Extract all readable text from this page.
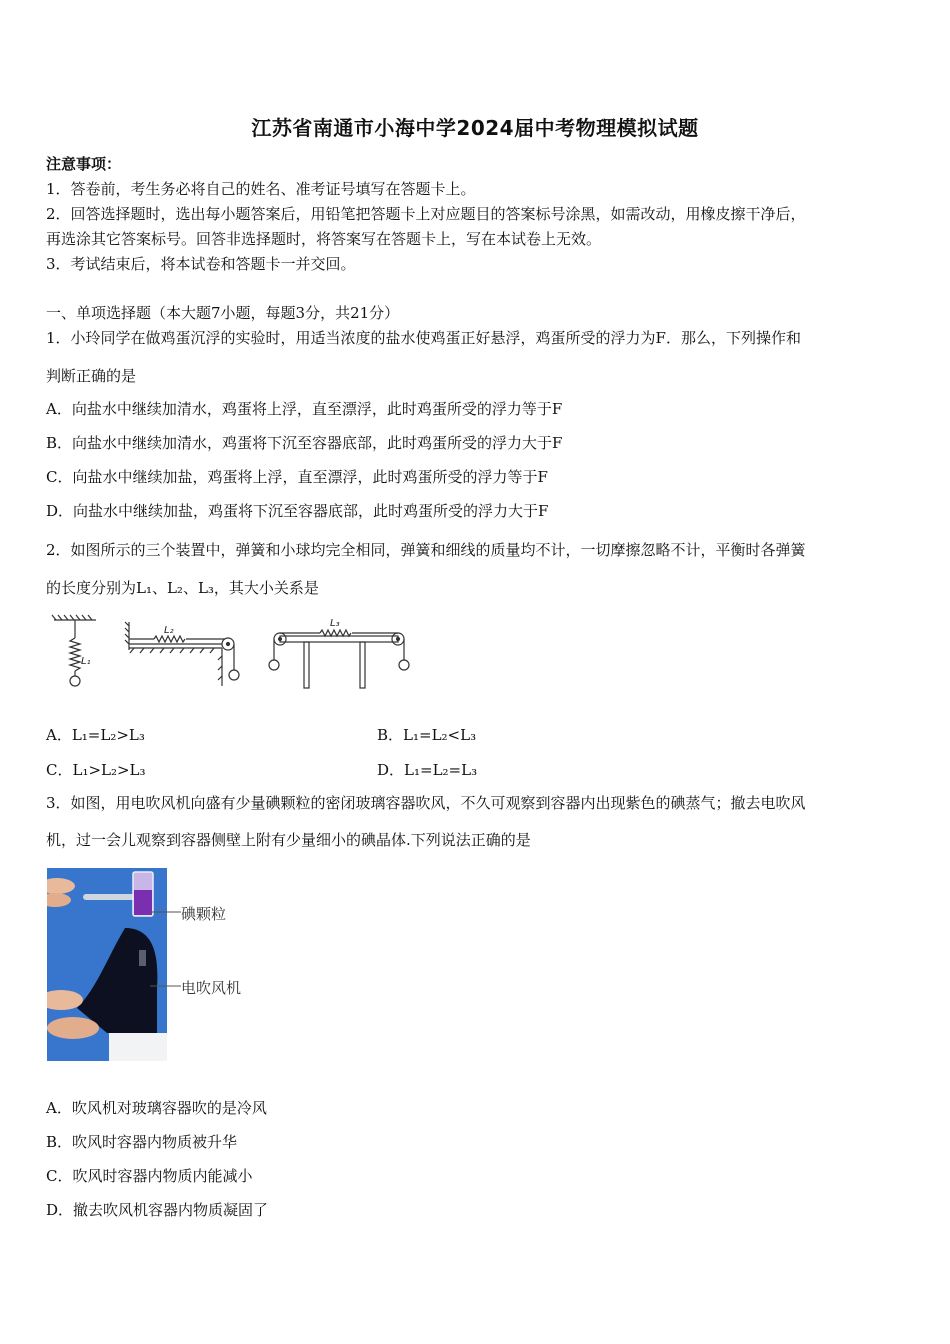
江苏省南通市小海中学2024届中考物理模拟试题
注意事项：
1．答卷前，考生务必将自己的姓名、准考证号填写在答题卡上。
2．回答选择题时，选出每小题答案后，用铅笔把答题卡上对应题目的答案标号涂黑，如需改动，用橡皮擦干净后，
再选涂其它答案标号。回答非选择题时，将答案写在答题卡上，写在本试卷上无效。
3．考试结束后，将本试卷和答题卡一并交回。
一、单项选择题（本大题7小题，每题3分，共21分）
1．小玲同学在做鸡蛋沉浮的实验时，用适当浓度的盐水使鸡蛋正好悬浮，鸡蛋所受的浮力为F．那么，下列操作和
判断正确的是
A．向盐水中继续加清水，鸡蛋将上浮，直至漂浮，此时鸡蛋所受的浮力等于F
B．向盐水中继续加清水，鸡蛋将下沉至容器底部，此时鸡蛋所受的浮力大于F
C．向盐水中继续加盐，鸡蛋将上浮，直至漂浮，此时鸡蛋所受的浮力等于F
D．向盐水中继续加盐，鸡蛋将下沉至容器底部，此时鸡蛋所受的浮力大于F
2．如图所示的三个装置中，弹簧和小球均完全相同，弹簧和细线的质量均不计，一切摩擦忽略不计，平衡时各弹簧
的长度分别为L₁、L₂、L₃，其大小关系是
L₁
L₂
L₃
A．L₁=L₂>L₃	B．L₁=L₂<L₃
C．L₁>L₂>L₃	D．L₁=L₂=L₃
3．如图，用电吹风机向盛有少量碘颗粒的密闭玻璃容器吹风，不久可观察到容器内出现紫色的碘蒸气；撤去电吹风
机，过一会儿观察到容器侧壁上附有少量细小的碘晶体.下列说法正确的是
碘颗粒
电吹风机
A．吹风机对玻璃容器吹的是冷风
B．吹风时容器内物质被升华
C．吹风时容器内物质内能减小
D．撤去吹风机容器内物质凝固了
